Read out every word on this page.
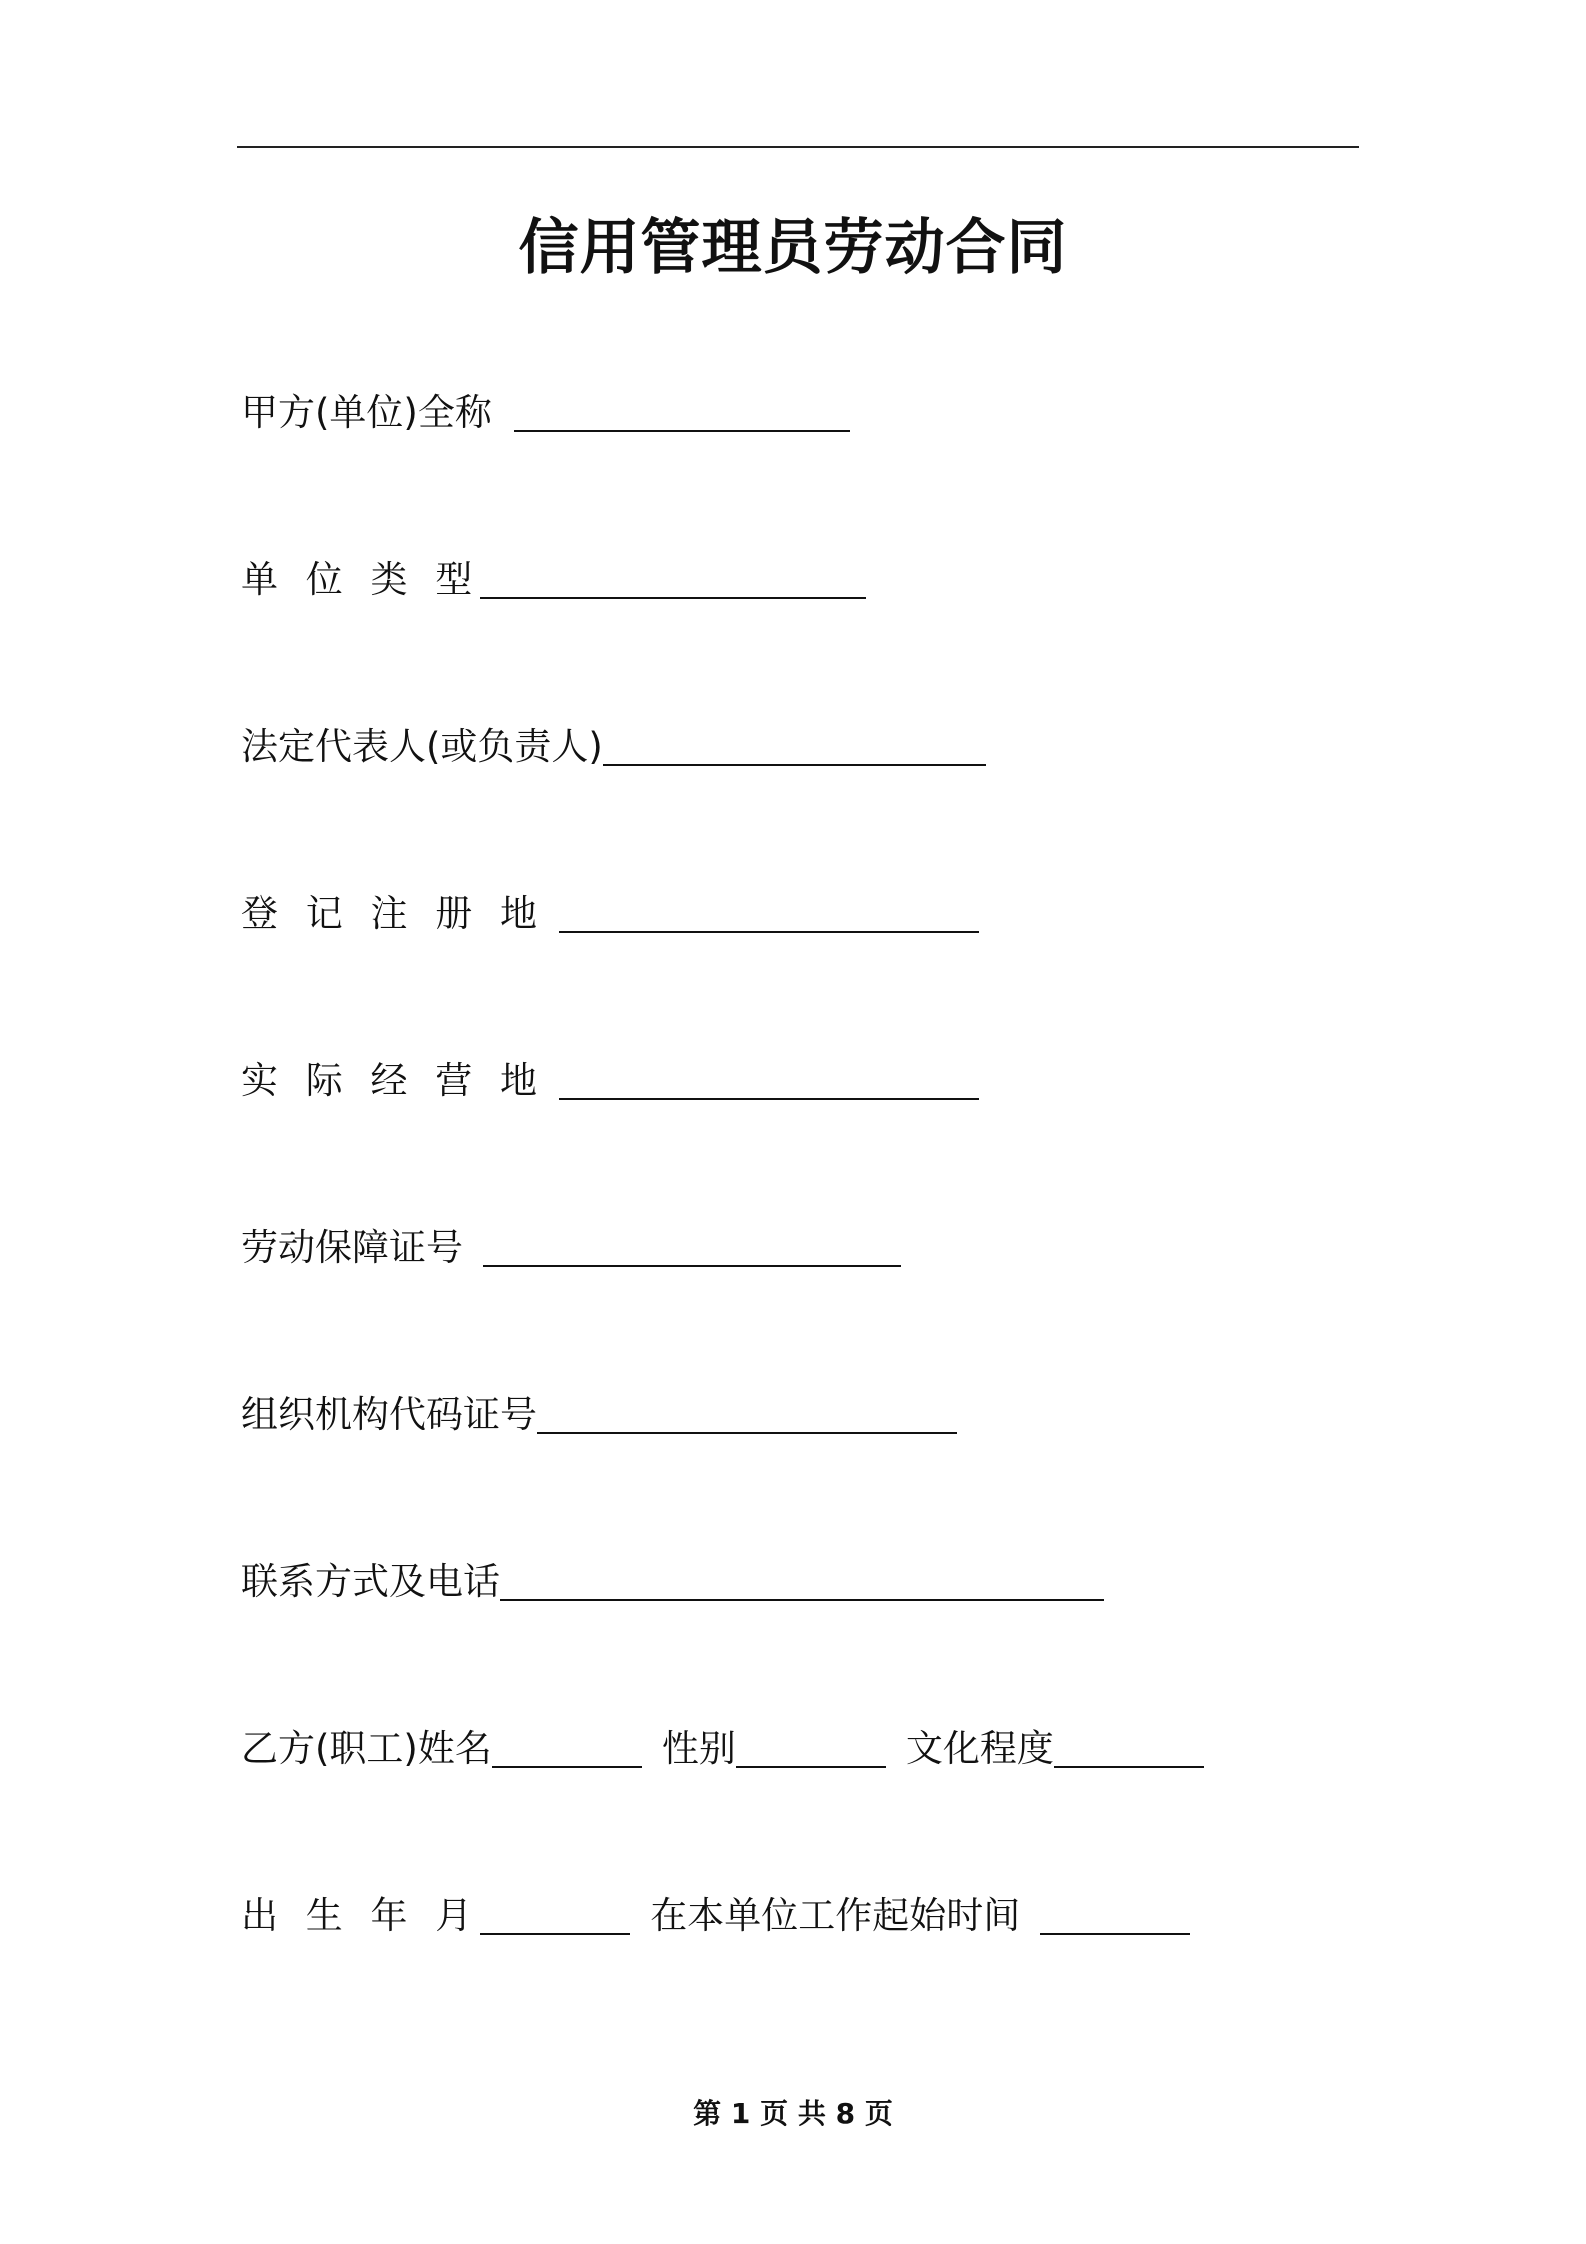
信用管理员劳动合同
甲方(单位)全称
单 位 类 型
法定代表人(或负责人)
登 记 注 册 地
实 际 经 营 地
劳动保障证号
组织机构代码证号
联系方式及电话
乙方(职工)姓名	性别	文化程度
出 生 年 月	在本单位工作起始时间
第 1 页 共 8 页
